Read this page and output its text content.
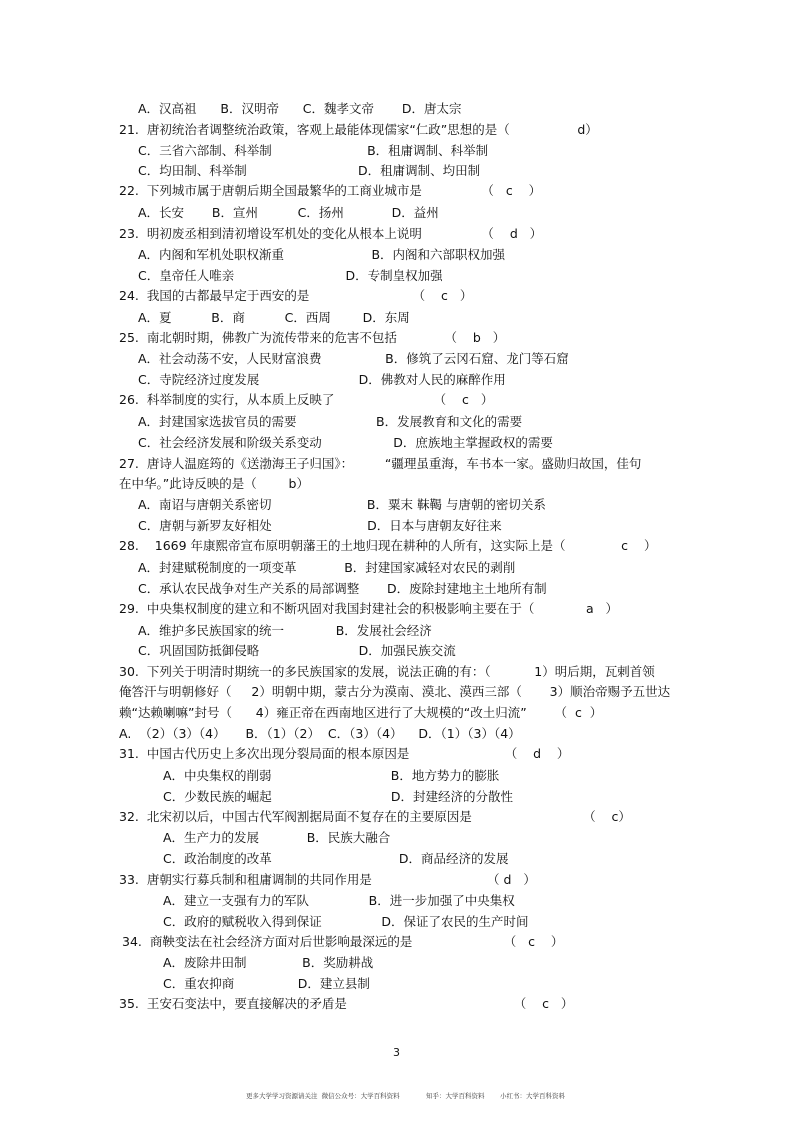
A．汉高祖      B．汉明帝      C．魏孝文帝       D．唐太宗
21.  唐初统治者调整统治政策，客观上最能体现儒家“仁政”思想的是（                 d）
C．三省六部制、科举制                        B．租庸调制、科举制
C．均田制、科举制                            D．租庸调制、均田制
22.  下列城市属于唐朝后期全国最繁华的工商业城市是               （   c    ）
A．长安       B．宣州          C．扬州            D．益州
23.  明初废丞相到清初增设军机处的变化从根本上说明               （    d   ）
A．内阁和军机处职权渐重                      B．内阁和六部职权加强
C．皇帝任人唯亲                            D．专制皇权加强
24.  我国的古都最早定于西安的是                          （    c   ）
A．夏          B．商          C．西周        D．东周
25.  南北朝时期，佛教广为流传带来的危害不包括            （    b   ）
A．社会动荡不安，人民财富浪费                B．修筑了云冈石窟、龙门等石窟
C．寺院经济过度发展                         D．佛教对人民的麻醉作用
26.  科举制度的实行，从本质上反映了                         （    c   ）
A．封建国家选拔官员的需要                    B．发展教育和文化的需要
C．社会经济发展和阶级关系变动                  D．庶族地主掌握政权的需要
27.  唐诗人温庭筠的《送渤海王子归国》：        “疆理虽重海，车书本一家。盛勋归故国，佳句
在中华。”此诗反映的是（        b）
A．南诏与唐朝关系密切                        B．粟末 靺鞨 与唐朝的密切关系
C．唐朝与新罗友好相处                        D．日本与唐朝友好往来
28.    1669 年康熙帝宣布原明朝藩王的土地归现在耕种的人所有，这实际上是（              c    ）
A．封建赋税制度的一项变革            B．封建国家减轻对农民的剥削
C．承认农民战争对生产关系的局部调整       D．废除封建地主土地所有制
29.  中央集权制度的建立和不断巩固对我国封建社会的积极影响主要在于（             a   ）
A．维护多民族国家的统一             B．发展社会经济
C．巩固国防抵御侵略                         D．加强民族交流
30.  下列关于明清时期统一的多民族国家的发展，说法正确的有：（           1）明后期，瓦剌首领
俺答汗与明朝修好（     2）明朝中期，蒙古分为漠南、漠北、漠西三部（       3）顺治帝赐予五世达
赖“达赖喇嘛”封号（      4）雍正帝在西南地区进行了大规模的“改土归流”       （  c  ）
A.  （2）（3）（4）     B．（1）（2）  C．（3）（4）    D．（1）（3）（4）
31.  中国古代历史上多次出现分裂局面的根本原因是                        （    d    ）
A．中央集权的削弱                              B．地方势力的膨胀
C．少数民族的崛起                              D．封建经济的分散性
32.  北宋初以后，中国古代军阀割据局面不复存在的主要原因是                            （    c）
A．生产力的发展            B．民族大融合
C．政治制度的改革                                D．商品经济的发展
33.  唐朝实行募兵制和租庸调制的共同作用是                             （ d   ）
A．建立一支强有力的军队               B．进一步加强了中央集权
C．政府的赋税收入得到保证               D．保证了农民的生产时间
34.  商鞅变法在社会经济方面对后世影响最深远的是                       （   c    ）
A．废除井田制              B．奖励耕战
C．重农抑商                D．建立县制
35.  王安石变法中，要直接解决的矛盾是                                          （    c   ）
3

更多大学学习资源请关注  微信公众号：大学百科资料

	知乎：大学百科资料

小红书：大学百科资料
